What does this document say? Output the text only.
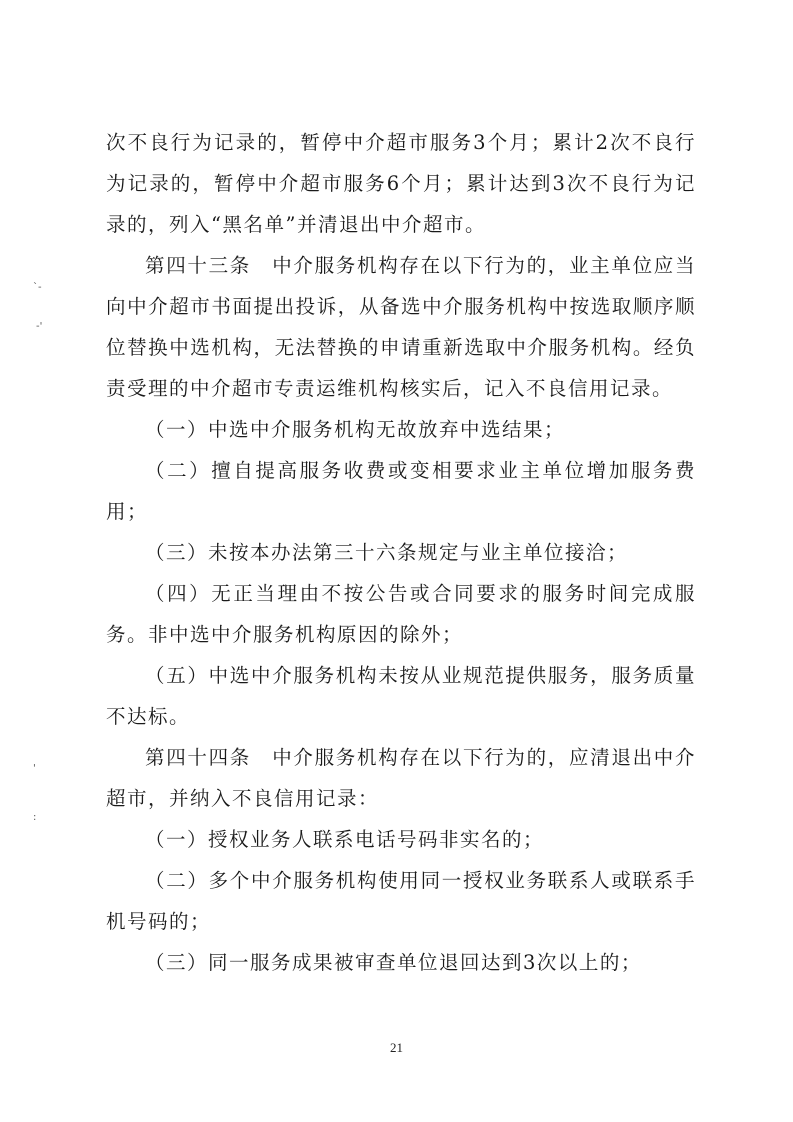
`-
-'
'
:

次不良行为记录的，暂停中介超市服务3个月；累计2次不良行为记录的，暂停中介超市服务6个月；累计达到3次不良行为记录的，列入“黑名单”并清退出中介超市。

第四十三条　中介服务机构存在以下行为的，业主单位应当向中介超市书面提出投诉，从备选中介服务机构中按选取顺序顺位替换中选机构，无法替换的申请重新选取中介服务机构。经负责受理的中介超市专责运维机构核实后，记入不良信用记录。

（一）中选中介服务机构无故放弃中选结果；

（二）擅自提高服务收费或变相要求业主单位增加服务费用；

（三）未按本办法第三十六条规定与业主单位接洽；

（四）无正当理由不按公告或合同要求的服务时间完成服务。非中选中介服务机构原因的除外；

（五）中选中介服务机构未按从业规范提供服务，服务质量不达标。

第四十四条　中介服务机构存在以下行为的，应清退出中介超市，并纳入不良信用记录：

（一）授权业务人联系电话号码非实名的；

（二）多个中介服务机构使用同一授权业务联系人或联系手机号码的；

（三）同一服务成果被审查单位退回达到3次以上的；

21
